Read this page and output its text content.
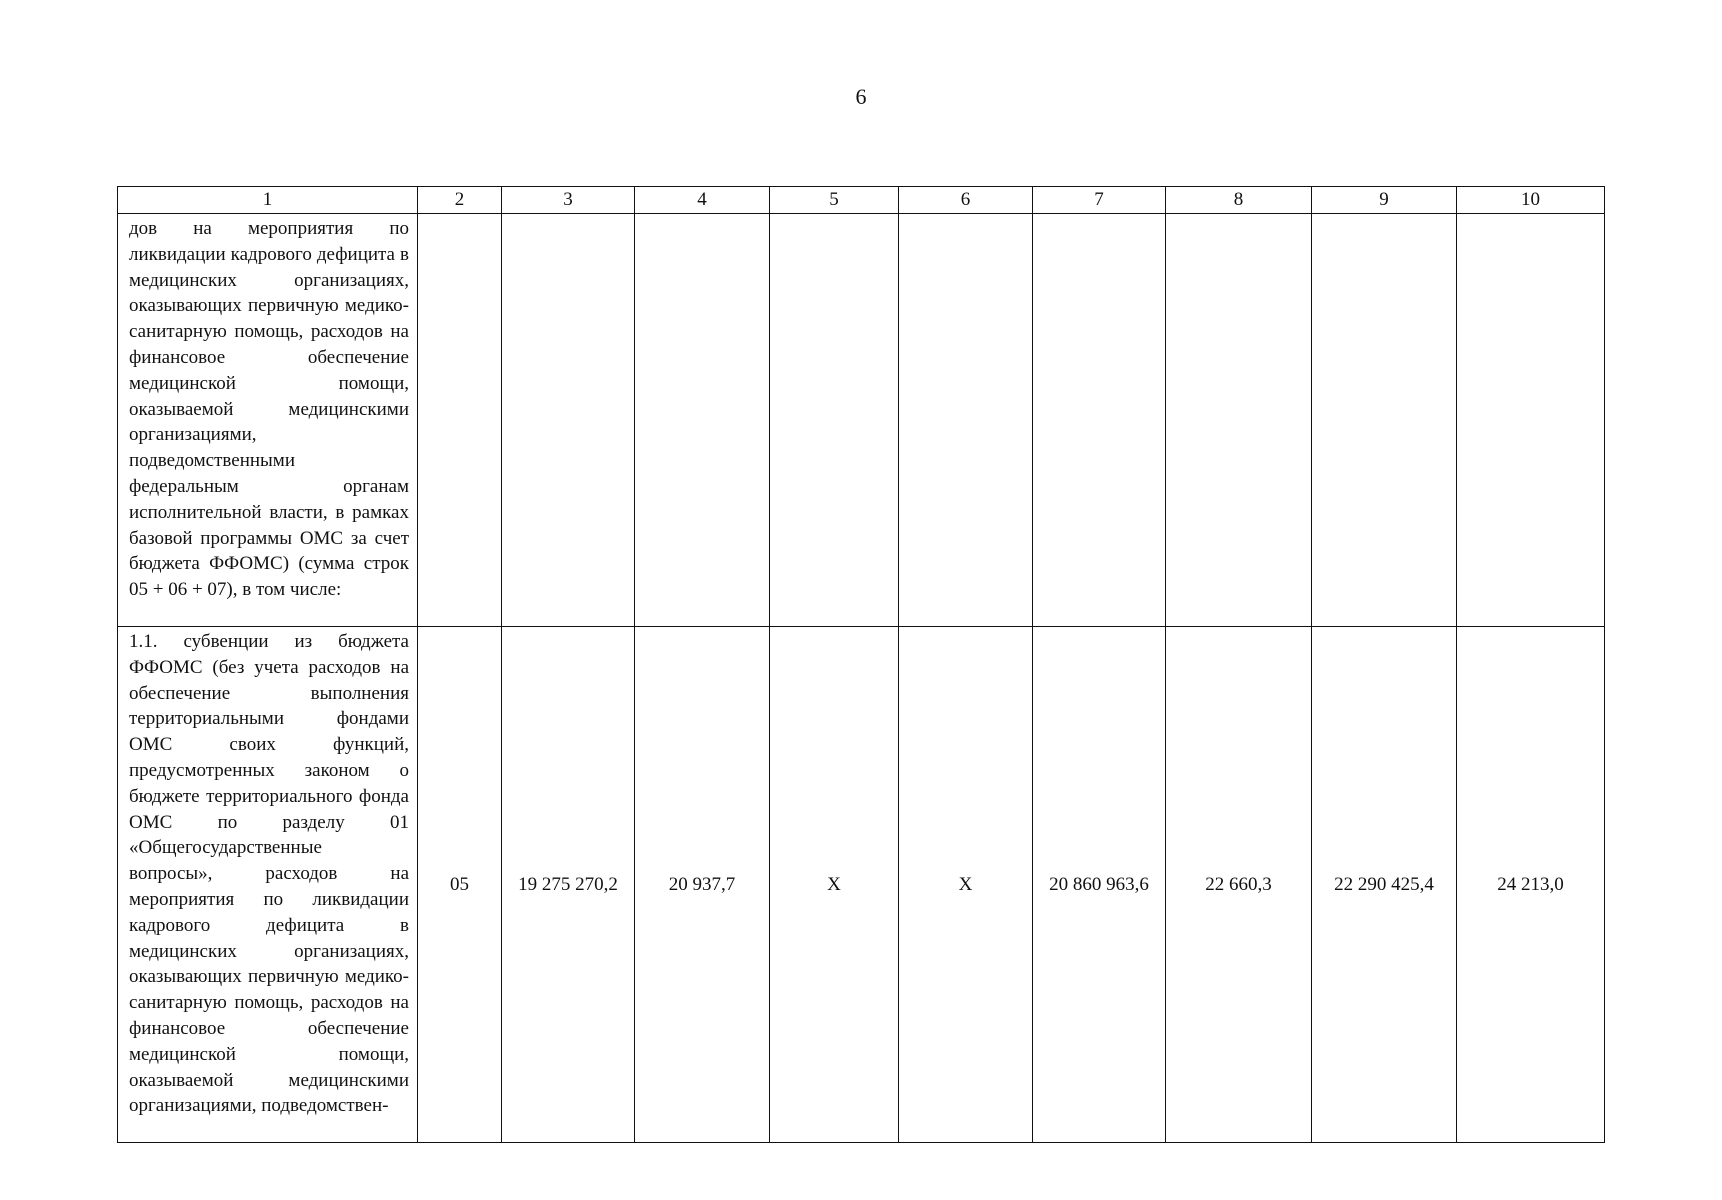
6
1	2	3	4	5	6	7	8	9	10

дов на мероприятия по ликвидации кадрового дефицита в медицинских организациях, оказывающих первичную медико-санитарную помощь, расходов на финансовое обеспечение медицинской помощи, оказываемой медицинскими организациями, подведомственными федеральным органам исполнительной власти, в рамках базовой программы ОМС за счет бюджета ФФОМС) (сумма строк 05 + 06 + 07), в том числе:									

1.1. субвенции из бюджета ФФОМС (без учета расходов на обеспечение выполнения территориальными фондами ОМС своих функций, предусмотренных законом о бюджете территориального фонда ОМС по разделу 01 «Общегосударственные вопросы», расходов на мероприятия по ликвидации кадрового дефицита в медицинских организациях, оказывающих первичную медико-санитарную помощь, расходов на финансовое обеспечение медицинской помощи, оказываемой медицинскими организациями, подведомствен-	05	19 275 270,2	20 937,7	X	X	20 860 963,6	22 660,3	22 290 425,4	24 213,0
